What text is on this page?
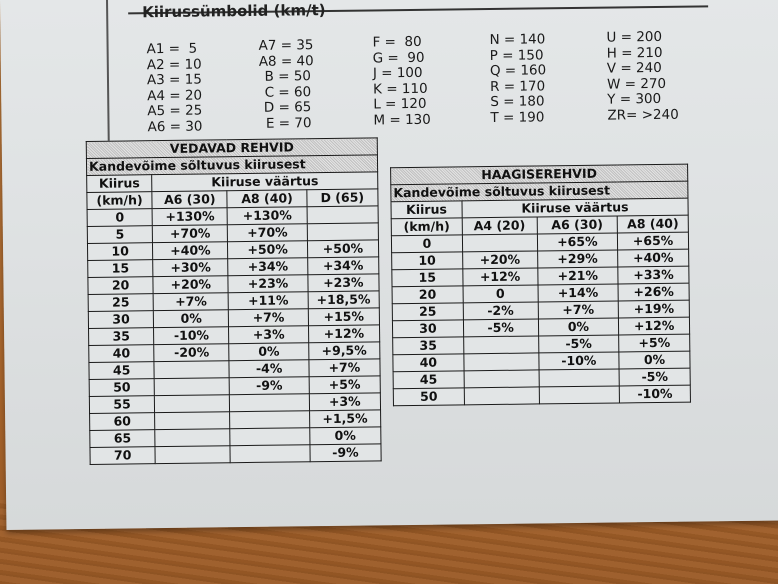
Kiirussümbolid (km/t)
A1 =  5
A2 = 10
A3 = 15
A4 = 20
A5 = 25
A6 = 30
A7 = 35
A8 = 40
B = 50
C = 60
D = 65
E = 70
F =  80
G =  90
J = 100
K = 110
L = 120
M = 130
N = 140
P = 150
Q = 160
R = 170
S = 180
T = 190
U = 200
H = 210
V = 240
W = 270
Y = 300
ZR= >240
VEDAVAD REHVID			
Kandevõime sõltuvus kiirusest			
Kiirus	Kiiruse väärtus		
(km/h)	A6 (30)	A8 (40)	D (65)
0	+130%	+130%	
5	+70%	+70%	
10	+40%	+50%	+50%
15	+30%	+34%	+34%
20	+20%	+23%	+23%
25	+7%	+11%	+18,5%
30	0%	+7%	+15%
35	-10%	+3%	+12%
40	-20%	0%	+9,5%
45		-4%	+7%
50		-9%	+5%
55			+3%
60			+1,5%
65			0%
70			-9%
HAAGISEREHVID			
Kandevõime sõltuvus kiirusest			
Kiirus	Kiiruse väärtus		
(km/h)	A4 (20)	A6 (30)	A8 (40)
0		+65%	+65%
10	+20%	+29%	+40%
15	+12%	+21%	+33%
20	0	+14%	+26%
25	-2%	+7%	+19%
30	-5%	0%	+12%
35		-5%	+5%
40		-10%	0%
45			-5%
50			-10%
